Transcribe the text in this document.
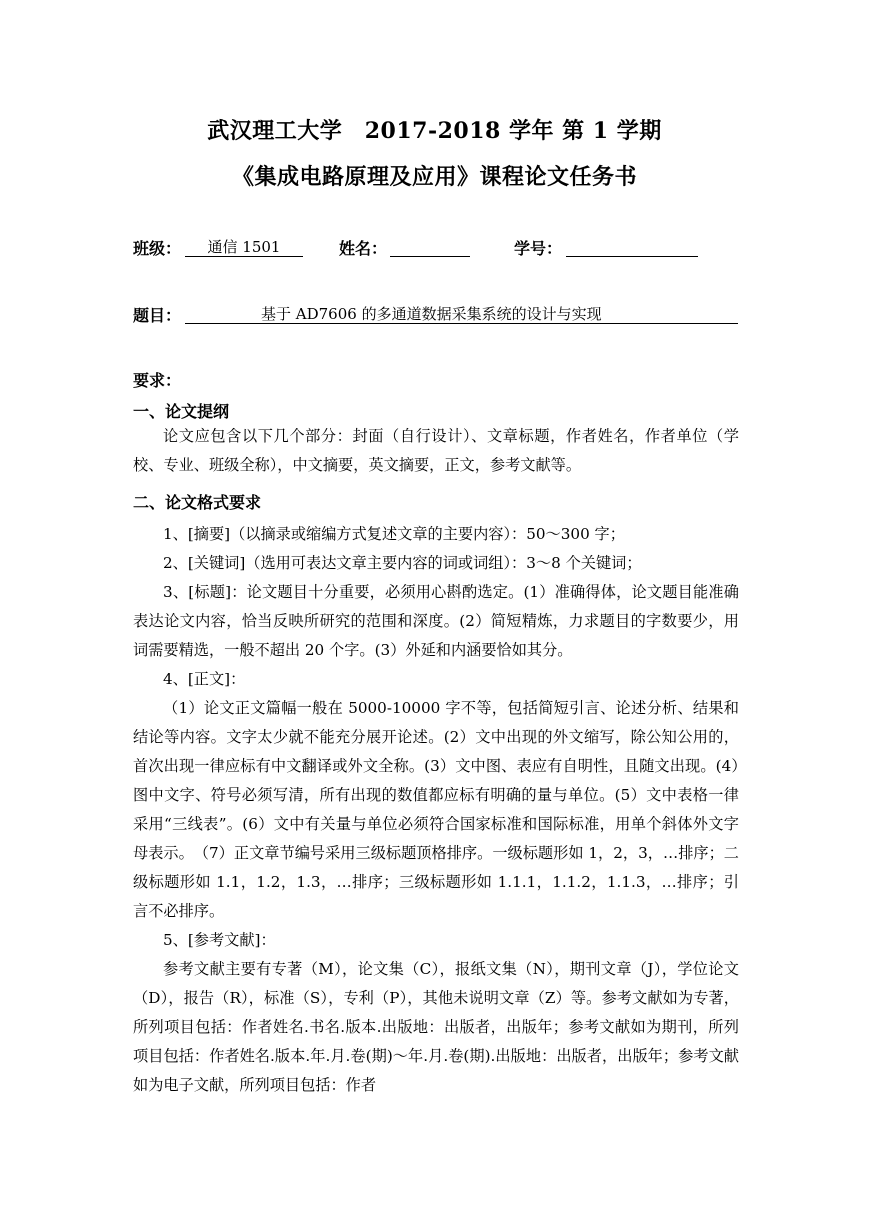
武汉理工大学　2017-2018 学年 第 1 学期
《集成电路原理及应用》课程论文任务书
班级：	通信 1501	姓名：	学号：
题目：	基于 AD7606 的多通道数据采集系统的设计与实现
要求：
一、论文提纲

论文应包含以下几个部分：封面（自行设计）、文章标题，作者姓名，作者单位（学校、专业、班级全称），中文摘要，英文摘要，正文，参考文献等。

二、论文格式要求

1、[摘要]（以摘录或缩编方式复述文章的主要内容）：50～300 字；

2、[关键词]（选用可表达文章主要内容的词或词组）：3～8 个关键词；

3、[标题]：论文题目十分重要，必须用心斟酌选定。(1）准确得体，论文题目能准确表达论文内容，恰当反映所研究的范围和深度。(2）简短精炼，力求题目的字数要少，用词需要精选，一般不超出 20 个字。(3）外延和内涵要恰如其分。

4、[正文]：

（1）论文正文篇幅一般在 5000-10000 字不等，包括简短引言、论述分析、结果和结论等内容。文字太少就不能充分展开论述。(2）文中出现的外文缩写，除公知公用的，首次出现一律应标有中文翻译或外文全称。(3）文中图、表应有自明性，且随文出现。(4）图中文字、符号必须写清，所有出现的数值都应标有明确的量与单位。(5）文中表格一律采用“三线表”。(6）文中有关量与单位必须符合国家标准和国际标准，用单个斜体外文字母表示。　（7）正文章节编号采用三级标题顶格排序。一级标题形如 1，2，3，…排序；二级标题形如 1.1，1.2，1.3，…排序；三级标题形如 1.1.1，1.1.2，1.1.3，…排序；引言不必排序。

5、[参考文献]：

参考文献主要有专著（M），论文集（C），报纸文集（N），期刊文章（J），学位论文（D），报告（R），标准（S），专利（P），其他未说明文章（Z）等。参考文献如为专著，所列项目包括：作者姓名.书名.版本.出版地：出版者，出版年；参考文献如为期刊，所列项目包括：作者姓名.版本.年.月.卷(期)～年.月.卷(期).出版地：出版者，出版年；参考文献如为电子文献，所列项目包括：作者
